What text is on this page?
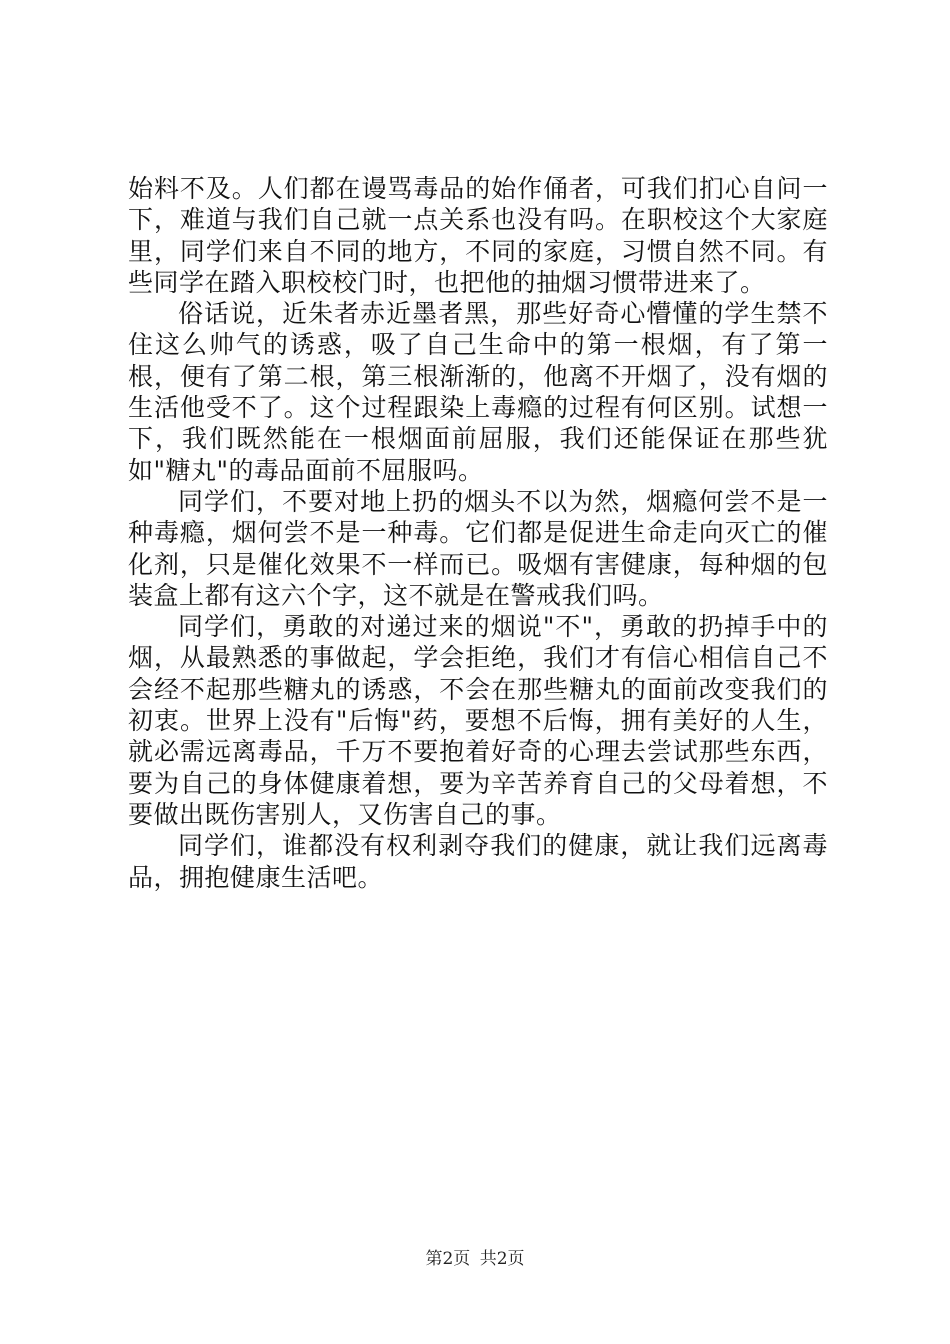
始料不及。人们都在谩骂毒品的始作俑者，可我们扪心自问一下，难道与我们自己就一点关系也没有吗。在职校这个大家庭里，同学们来自不同的地方，不同的家庭，习惯自然不同。有些同学在踏入职校校门时，也把他的抽烟习惯带进来了。

俗话说，近朱者赤近墨者黑，那些好奇心懵懂的学生禁不住这么帅气的诱惑，吸了自己生命中的第一根烟，有了第一根，便有了第二根，第三根渐渐的，他离不开烟了，没有烟的生活他受不了。这个过程跟染上毒瘾的过程有何区别。试想一下，我们既然能在一根烟面前屈服，我们还能保证在那些犹如"糖丸"的毒品面前不屈服吗。

同学们，不要对地上扔的烟头不以为然，烟瘾何尝不是一种毒瘾，烟何尝不是一种毒。它们都是促进生命走向灭亡的催化剂，只是催化效果不一样而已。吸烟有害健康，每种烟的包装盒上都有这六个字，这不就是在警戒我们吗。

同学们，勇敢的对递过来的烟说"不"，勇敢的扔掉手中的烟，从最熟悉的事做起，学会拒绝，我们才有信心相信自己不会经不起那些糖丸的诱惑，不会在那些糖丸的面前改变我们的初衷。世界上没有"后悔"药，要想不后悔，拥有美好的人生，就必需远离毒品，千万不要抱着好奇的心理去尝试那些东西，要为自己的身体健康着想，要为辛苦养育自己的父母着想，不要做出既伤害别人，又伤害自己的事。

同学们，谁都没有权利剥夺我们的健康，就让我们远离毒品，拥抱健康生活吧。

第2页 共2页
